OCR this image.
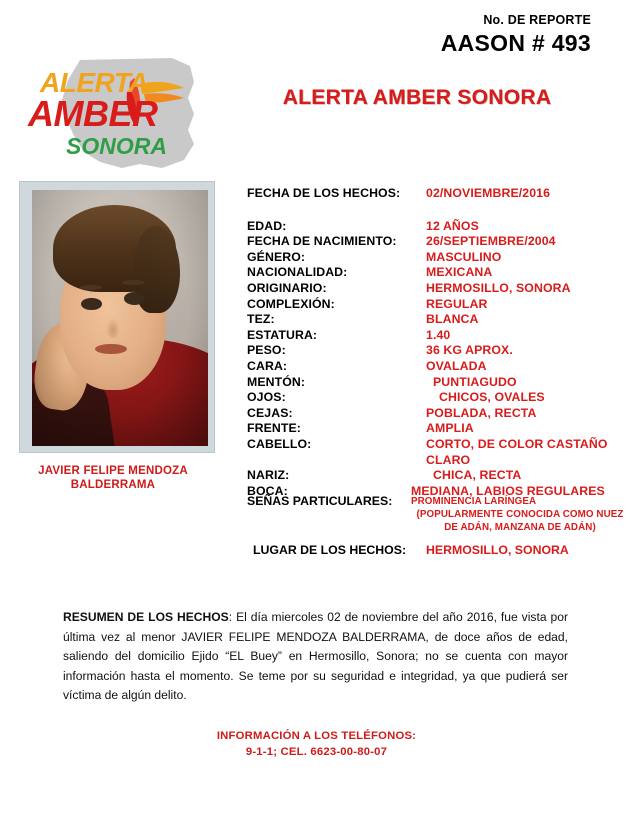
No. DE REPORTE
AASON # 493
ALERTA
AMBER
SONORA
ALERTA AMBER SONORA
JAVIER FELIPE MENDOZA
BALDERRAMA
FECHA DE LOS HECHOS: 02/NOVIEMBRE/2016
EDAD:	12 AÑOS
FECHA DE NACIMIENTO: 26/SEPTIEMBRE/2004
GÉNERO:	MASCULINO
NACIONALIDAD:	MEXICANA
ORIGINARIO:	HERMOSILLO, SONORA
COMPLEXIÓN:	REGULAR
TEZ:	BLANCA
ESTATURA:	1.40
PESO:	36 KG APROX.
CARA:	OVALADA
MENTÓN:	PUNTIAGUDO
OJOS:	CHICOS, OVALES
CEJAS:	POBLADA, RECTA
FRENTE:	AMPLIA
CABELLO:	CORTO, DE COLOR CASTAÑO
CLARO
NARIZ:	CHICA, RECTA
BOCA:	MEDIANA, LABIOS REGULARES
SEÑAS PARTICULARES:	PROMINENCIA LARÍNGEA
(POPULARMENTE CONOCIDA COMO NUEZ
DE ADÁN, MANZANA DE ADÁN)
LUGAR DE LOS HECHOS: HERMOSILLO, SONORA
RESUMEN DE LOS HECHOS: El día miercoles 02 de noviembre del año 2016, fue vista por última vez al menor JAVIER FELIPE MENDOZA BALDERRAMA, de doce años de edad, saliendo del domicilio Ejido “EL Buey” en Hermosillo, Sonora; no se cuenta con mayor información hasta el momento. Se teme por su seguridad e integridad, ya que pudierá ser víctima de algún delito.
INFORMACIÓN A LOS TELÉFONOS:
9-1-1; CEL. 6623-00-80-07
